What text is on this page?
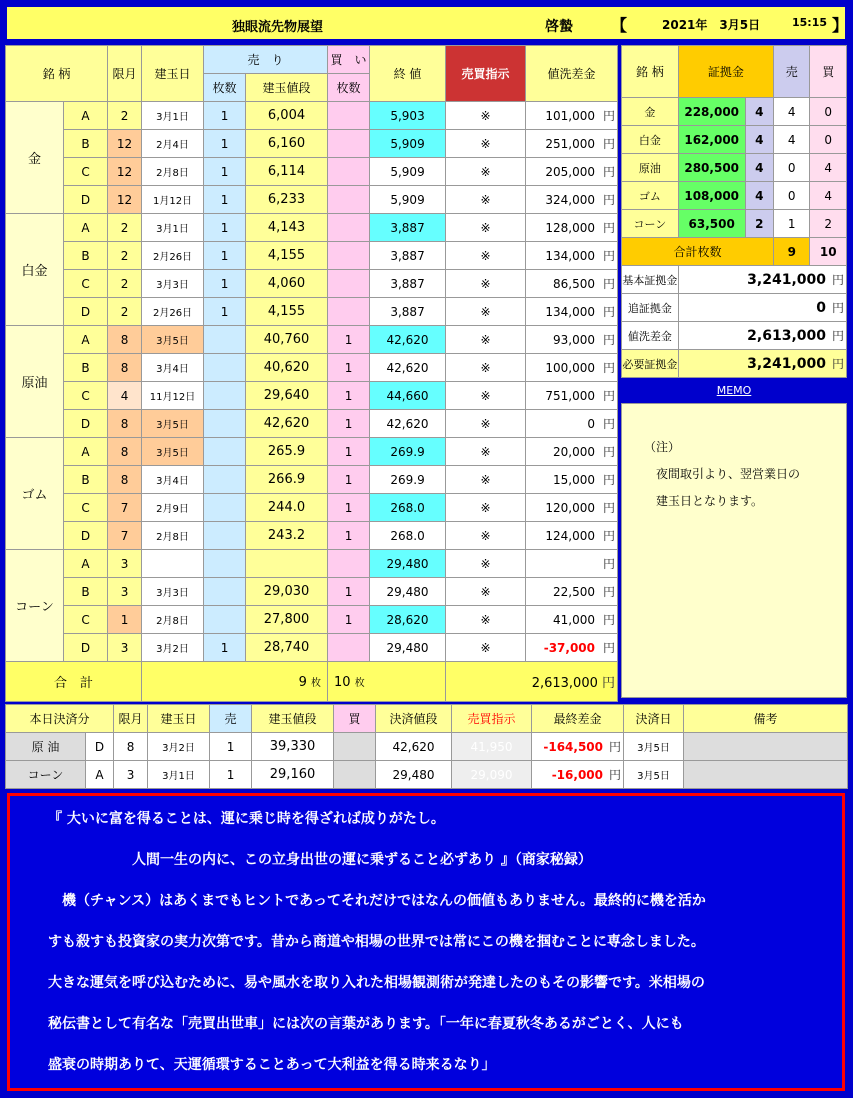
独眼流先物展望	啓蟄 【	2021年　3月5日	15:15 】
銘 柄		限月	建玉日	売　り		買　い	終 値	売買指示	値洗差金
				枚数	建玉値段	枚数			
金	A	2	3月1日	1	6,004		5,903	※	101,000 円
	B	12	2月4日	1	6,160		5,909	※	251,000 円
	C	12	2月8日	1	6,114		5,909	※	205,000 円
	D	12	1月12日	1	6,233		5,909	※	324,000 円
白金	A	2	3月1日	1	4,143		3,887	※	128,000 円
	B	2	2月26日	1	4,155		3,887	※	134,000 円
	C	2	3月3日	1	4,060		3,887	※	86,500 円
	D	2	2月26日	1	4,155		3,887	※	134,000 円
原油	A	8	3月5日		40,760	1	42,620	※	93,000 円
	B	8	3月4日		40,620	1	42,620	※	100,000 円
	C	4	11月12日		29,640	1	44,660	※	751,000 円
	D	8	3月5日		42,620	1	42,620	※	0 円
ゴム	A	8	3月5日		265.9	1	269.9	※	20,000 円
	B	8	3月4日		266.9	1	269.9	※	15,000 円
	C	7	2月9日		244.0	1	268.0	※	120,000 円
	D	7	2月8日		243.2	1	268.0	※	124,000 円
コーン	A	3					29,480	※	円
	B	3	3月3日		29,030	1	29,480	※	22,500 円
	C	1	2月8日		27,800	1	28,620	※	41,000 円
	D	3	3月2日	1	28,740		29,480	※	-37,000 円
合　計			9 枚			10 枚		2,613,000 円	
銘 柄	証拠金		売	買
金	228,000	4	4	0
白金	162,000	4	4	0
原油	280,500	4	0	4
ゴム	108,000	4	0	4
コーン	63,500	2	1	2
合計枚数			9	10
基本証拠金	3,241,000 円			
追証拠金	0 円			
値洗差金	2,613,000 円			
必要証拠金	3,241,000 円			
MEMO
（注）
　夜間取引より、翌営業日の
　建玉日となります。
本日決済分		限月	建玉日	売	建玉値段	買	決済値段	売買指示	最終差金	決済日	備考
原 油	D	8	3月2日	1	39,330		42,620	41,950	-164,500 円	3月5日	
コーン	A	3	3月1日	1	29,160		29,480	29,090	-16,000 円	3月5日	
『 大いに富を得ることは、運に乗じ時を得ざれば成りがたし。
　　　　　　人間一生の内に、この立身出世の運に乗ずること必ずあり 』（商家秘録）
　機（チャンス）はあくまでもヒントであってそれだけではなんの価値もありません。最終的に機を活か
すも殺すも投資家の実力次第です。昔から商道や相場の世界では常にこの機を掴むことに専念しました。
大きな運気を呼び込むために、易や風水を取り入れた相場観測術が発達したのもその影響です。米相場の
秘伝書として有名な「売買出世車」には次の言葉があります。「一年に春夏秋冬あるがごとく、人にも
盛衰の時期ありて、天運循環することあって大利益を得る時来るなり」
